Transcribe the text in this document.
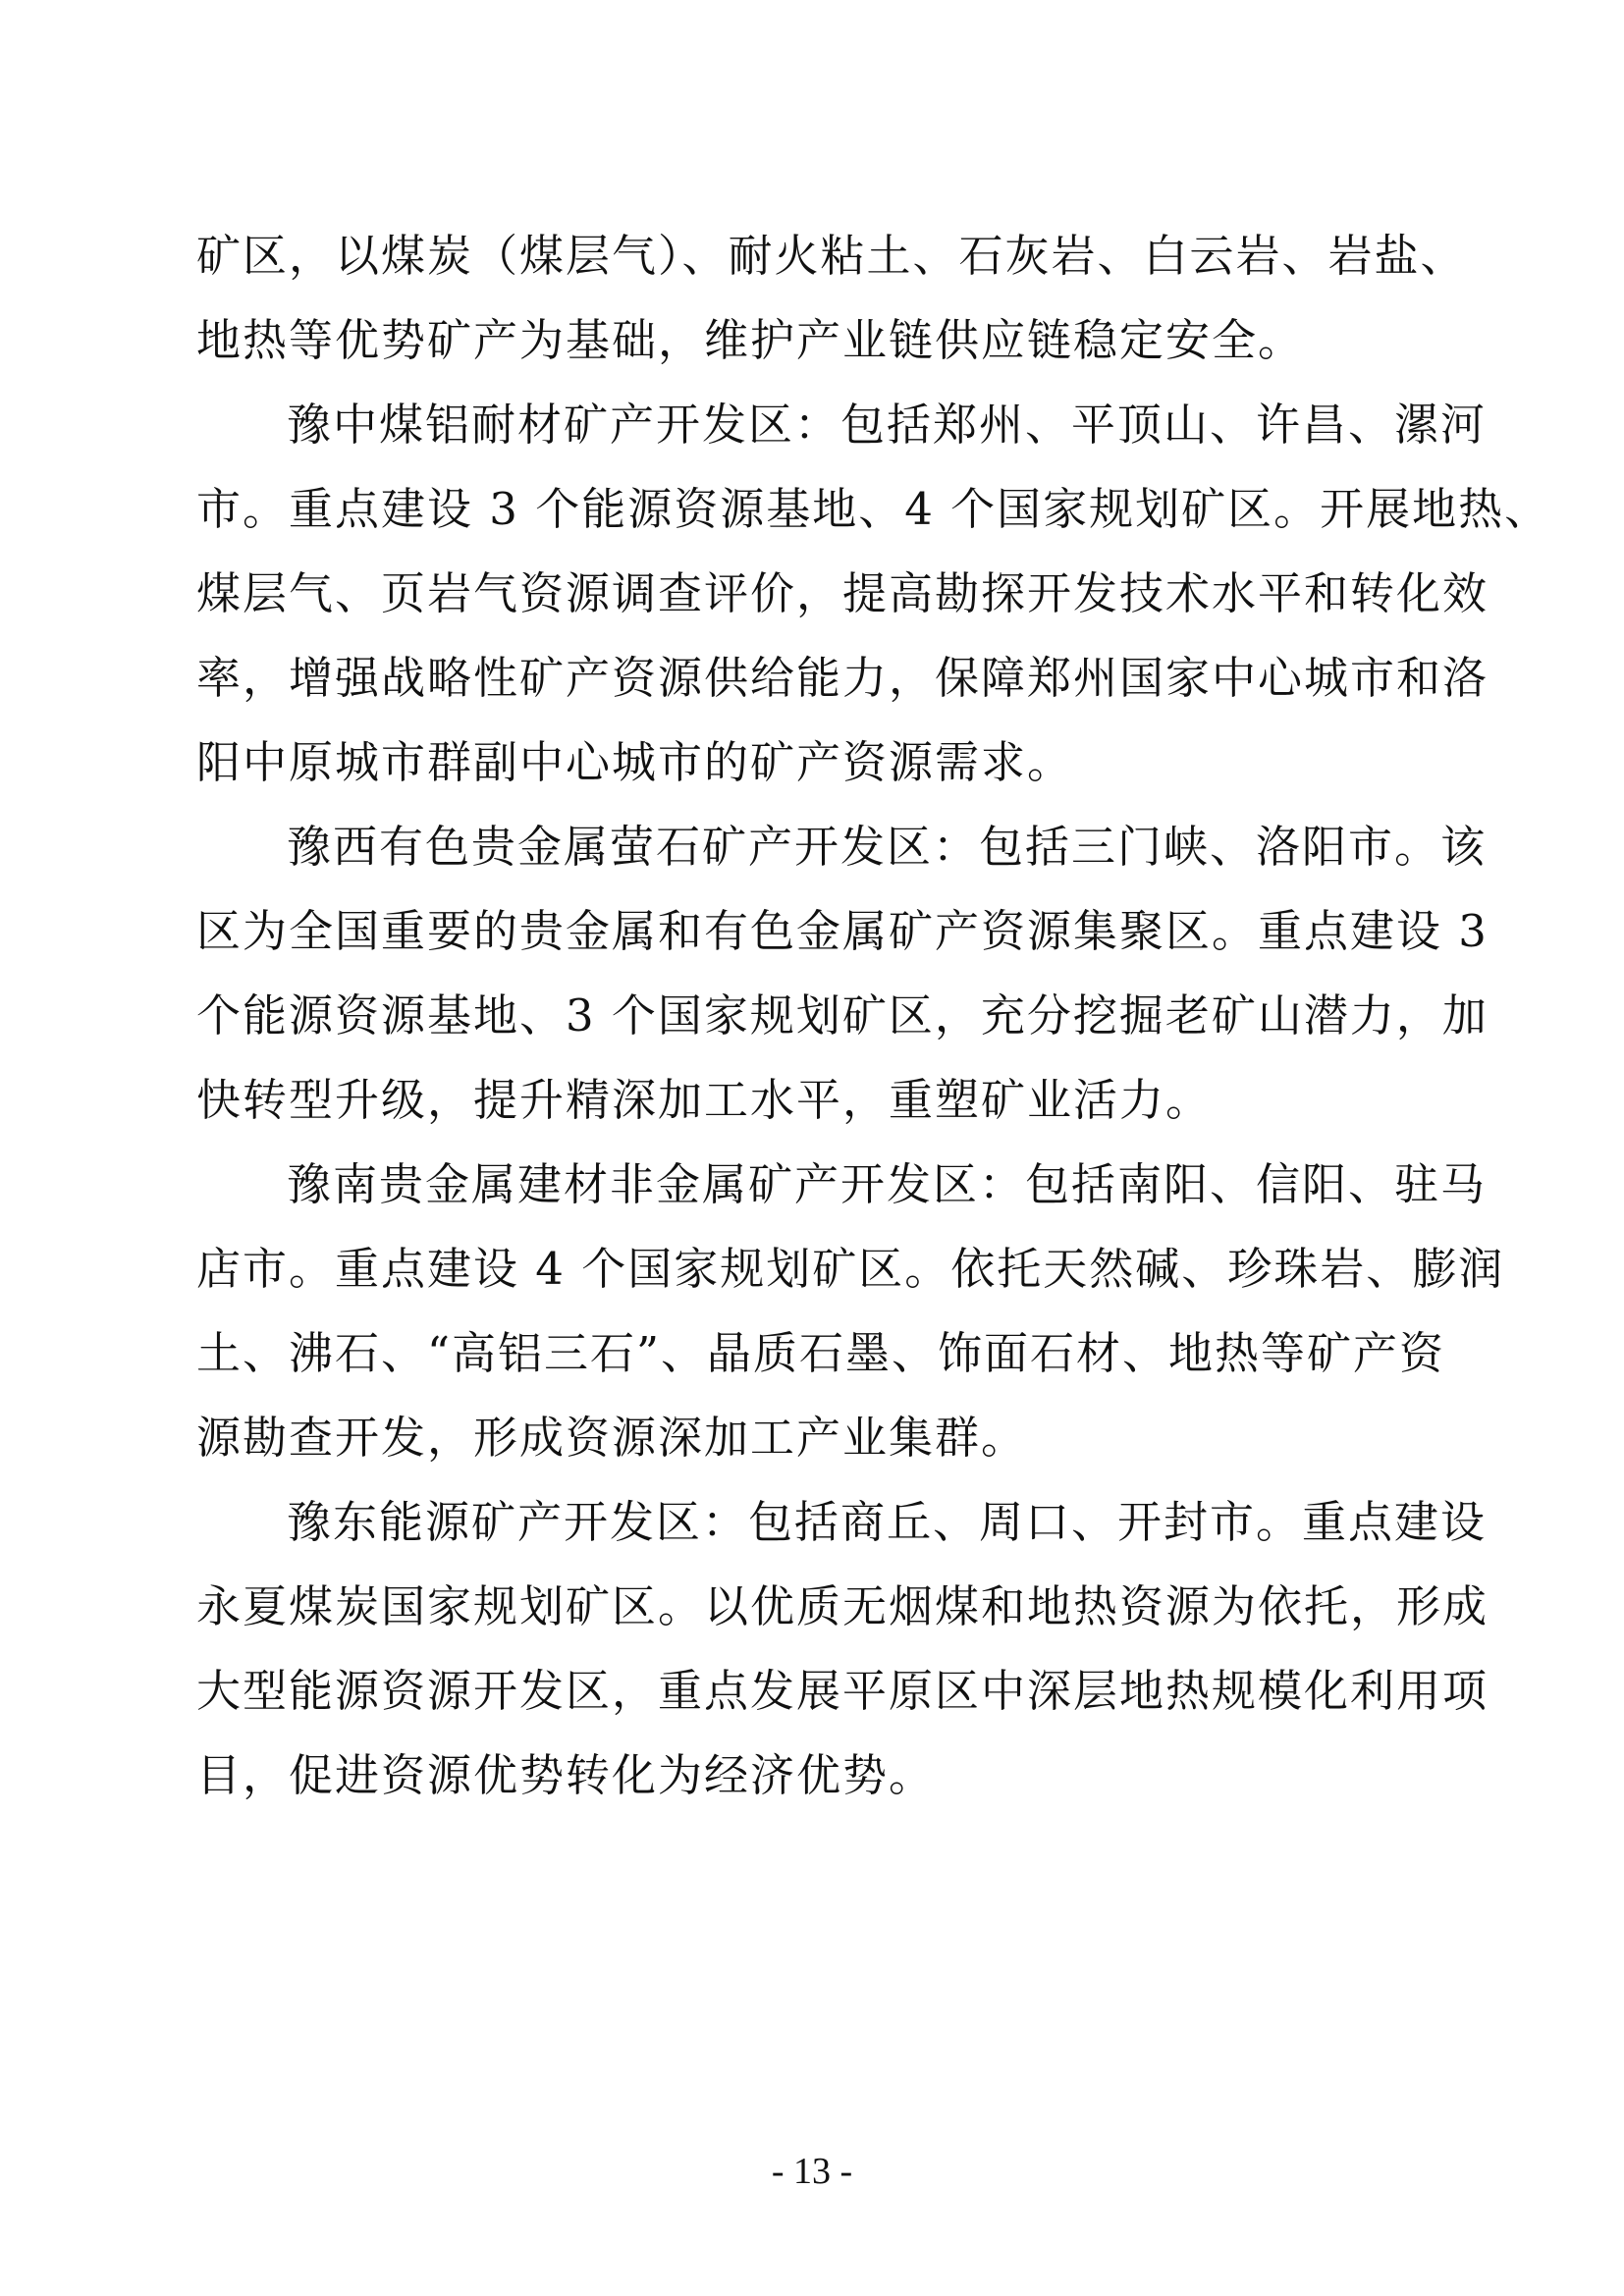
矿区，以煤炭（煤层气）、耐火粘土、石灰岩、白云岩、岩盐、
地热等优势矿产为基础，维护产业链供应链稳定安全。
豫中煤铝耐材矿产开发区：包括郑州、平顶山、许昌、漯河
市。重点建设 3 个能源资源基地、4 个国家规划矿区。开展地热、
煤层气、页岩气资源调查评价，提高勘探开发技术水平和转化效
率，增强战略性矿产资源供给能力，保障郑州国家中心城市和洛
阳中原城市群副中心城市的矿产资源需求。
豫西有色贵金属萤石矿产开发区：包括三门峡、洛阳市。该
区为全国重要的贵金属和有色金属矿产资源集聚区。重点建设 3
个能源资源基地、3 个国家规划矿区，充分挖掘老矿山潜力，加
快转型升级，提升精深加工水平，重塑矿业活力。
豫南贵金属建材非金属矿产开发区：包括南阳、信阳、驻马
店市。重点建设 4 个国家规划矿区。依托天然碱、珍珠岩、膨润
土、沸石、“高铝三石”、晶质石墨、饰面石材、地热等矿产资
源勘查开发，形成资源深加工产业集群。
豫东能源矿产开发区：包括商丘、周口、开封市。重点建设
永夏煤炭国家规划矿区。以优质无烟煤和地热资源为依托，形成
大型能源资源开发区，重点发展平原区中深层地热规模化利用项
目，促进资源优势转化为经济优势。
- 13 -
